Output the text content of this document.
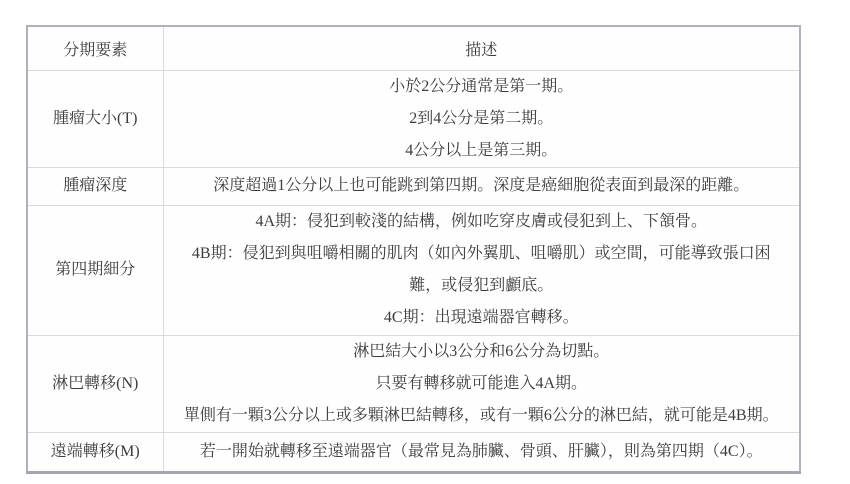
分期要素	描述
腫瘤大小(T)	小於2公分通常是第一期。
2到4公分是第二期。
4公分以上是第三期。

腫瘤深度	深度超過1公分以上也可能跳到第四期。深度是癌細胞從表面到最深的距離。

第四期細分	4A期：侵犯到較淺的結構，例如吃穿皮膚或侵犯到上、下頷骨。
4B期：侵犯到與咀嚼相關的肌肉（如內外翼肌、咀嚼肌）或空間，可能導致張口困難，或侵犯到顱底。
4C期：出現遠端器官轉移。

淋巴轉移(N)	淋巴結大小以3公分和6公分為切點。
只要有轉移就可能進入4A期。
單側有一顆3公分以上或多顆淋巴結轉移，或有一顆6公分的淋巴結，就可能是4B期。

遠端轉移(M)	若一開始就轉移至遠端器官（最常見為肺臟、骨頭、肝臟），則為第四期（4C）。
